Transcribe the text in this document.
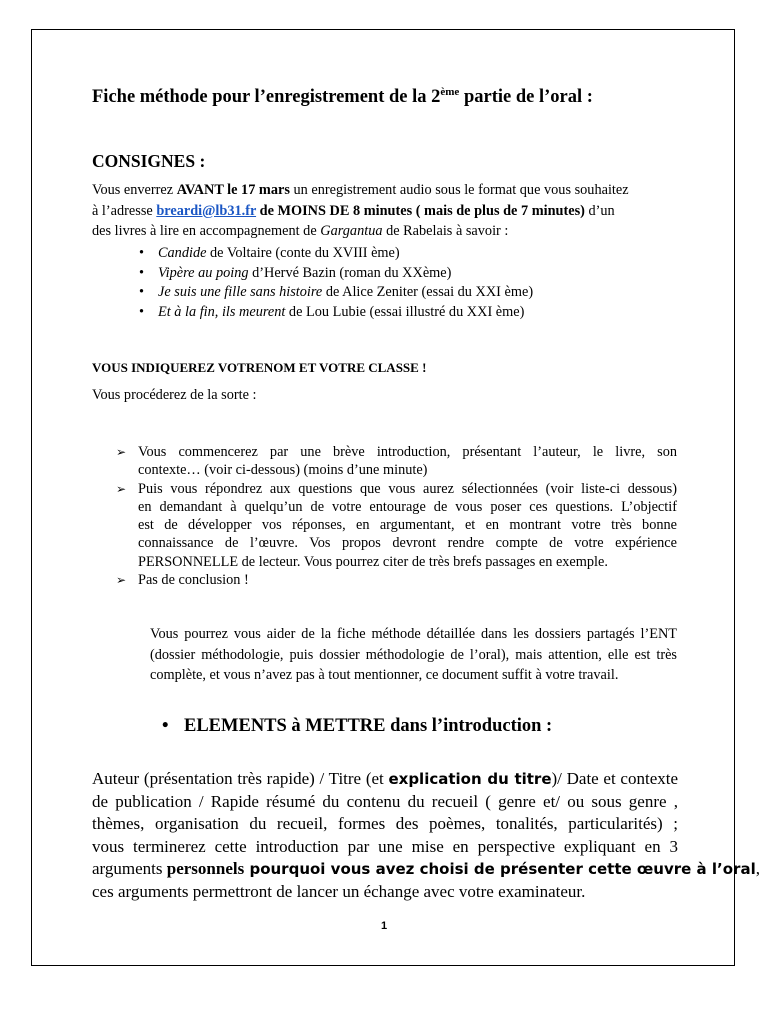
Fiche méthode pour l’enregistrement de la 2ème partie de l’oral :
CONSIGNES :
Vous enverrez AVANT le 17 mars un enregistrement audio sous le format que vous souhaitez
à l’adresse breardi@lb31.fr de MOINS DE 8 minutes ( mais de plus de 7 minutes) d’un
des livres à lire en accompagnement de Gargantua de Rabelais à savoir :
• Candide de Voltaire (conte du XVIII ème)
• Vipère au poing d’Hervé Bazin (roman du XXème)
• Je suis une fille sans histoire de Alice Zeniter (essai du XXI ème)
• Et à la fin, ils meurent de Lou Lubie (essai illustré du XXI ème)
VOUS INDIQUEREZ VOTRENOM ET VOTRE CLASSE !
Vous procéderez de la sorte :
➢ Vous commencerez par une brève introduction, présentant l’auteur, le livre, son
contexte… (voir ci-dessous) (moins d’une minute)
➢ Puis vous répondrez aux questions que vous aurez sélectionnées (voir liste-ci dessous)
en demandant à quelqu’un de votre entourage de vous poser ces questions. L’objectif
est de développer vos réponses, en argumentant, et en montrant votre très bonne
connaissance de l’œuvre. Vos propos devront rendre compte de votre expérience
PERSONNELLE de lecteur. Vous pourrez citer de très brefs passages en exemple.
➢ Pas de conclusion !
Vous pourrez vous aider de la fiche méthode détaillée dans les dossiers partagés l’ENT
(dossier méthodologie, puis dossier méthodologie de l’oral), mais attention, elle est très
complète, et vous n’avez pas à tout mentionner, ce document suffit à votre travail.
• ELEMENTS à METTRE dans l’introduction :
Auteur (présentation très rapide) / Titre (et explication du titre)/ Date et contexte
de publication / Rapide résumé du contenu du recueil ( genre et/ ou sous genre ,
thèmes, organisation du recueil, formes des poèmes, tonalités, particularités) ;
vous terminerez cette introduction par une mise en perspective expliquant en 3
arguments personnels pourquoi vous avez choisi de présenter cette œuvre à l’oral,
ces arguments permettront de lancer un échange avec votre examinateur.
1
